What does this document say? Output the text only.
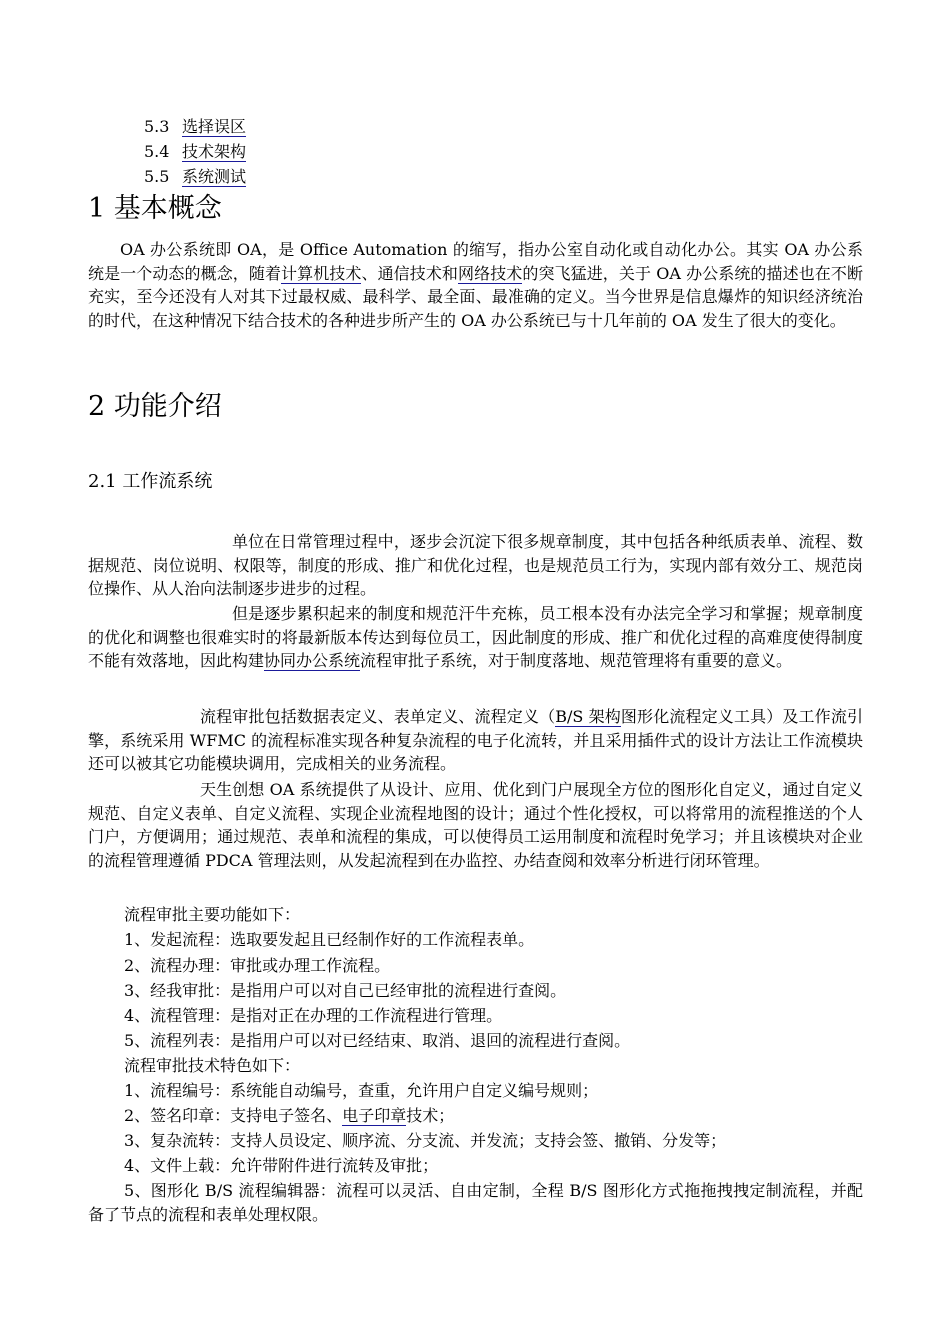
5.3 选择误区
5.4 技术架构
5.5 系统测试
1 基本概念

OA 办公系统即 OA，是 Office Automation 的缩写，指办公室自动化或自动化办公。其实 OA 办公系统是一个动态的概念，随着计算机技术、通信技术和网络技术的突飞猛进，关于 OA 办公系统的描述也在不断充实，至今还没有人对其下过最权威、最科学、最全面、最准确的定义。当今世界是信息爆炸的知识经济统治的时代，在这种情况下结合技术的各种进步所产生的 OA 办公系统已与十几年前的 OA 发生了很大的变化。

2 功能介绍
2.1 工作流系统

单位在日常管理过程中，逐步会沉淀下很多规章制度，其中包括各种纸质表单、流程、数据规范、岗位说明、权限等，制度的形成、推广和优化过程，也是规范员工行为，实现内部有效分工、规范岗位操作、从人治向法制逐步进步的过程。

但是逐步累积起来的制度和规范汗牛充栋，员工根本没有办法完全学习和掌握；规章制度的优化和调整也很难实时的将最新版本传达到每位员工，因此制度的形成、推广和优化过程的高难度使得制度不能有效落地，因此构建协同办公系统流程审批子系统，对于制度落地、规范管理将有重要的意义。

流程审批包括数据表定义、表单定义、流程定义（B/S 架构图形化流程定义工具）及工作流引擎，系统采用 WFMC 的流程标准实现各种复杂流程的电子化流转，并且采用插件式的设计方法让工作流模块还可以被其它功能模块调用，完成相关的业务流程。

天生创想 OA 系统提供了从设计、应用、优化到门户展现全方位的图形化自定义，通过自定义规范、自定义表单、自定义流程、实现企业流程地图的设计；通过个性化授权，可以将常用的流程推送的个人门户，方便调用；通过规范、表单和流程的集成，可以使得员工运用制度和流程时免学习；并且该模块对企业的流程管理遵循 PDCA 管理法则，从发起流程到在办监控、办结查阅和效率分析进行闭环管理。

流程审批主要功能如下：

1、发起流程：选取要发起且已经制作好的工作流程表单。

2、流程办理：审批或办理工作流程。

3、经我审批：是指用户可以对自己已经审批的流程进行查阅。

4、流程管理：是指对正在办理的工作流程进行管理。

5、流程列表：是指用户可以对已经结束、取消、退回的流程进行查阅。

流程审批技术特色如下：

1、流程编号：系统能自动编号，查重，允许用户自定义编号规则；

2、签名印章：支持电子签名、电子印章技术；

3、复杂流转：支持人员设定、顺序流、分支流、并发流；支持会签、撤销、分发等；

4、文件上载：允许带附件进行流转及审批；

5、图形化 B/S 流程编辑器：流程可以灵活、自由定制，全程 B/S 图形化方式拖拖拽拽定制流程，并配备了节点的流程和表单处理权限。
